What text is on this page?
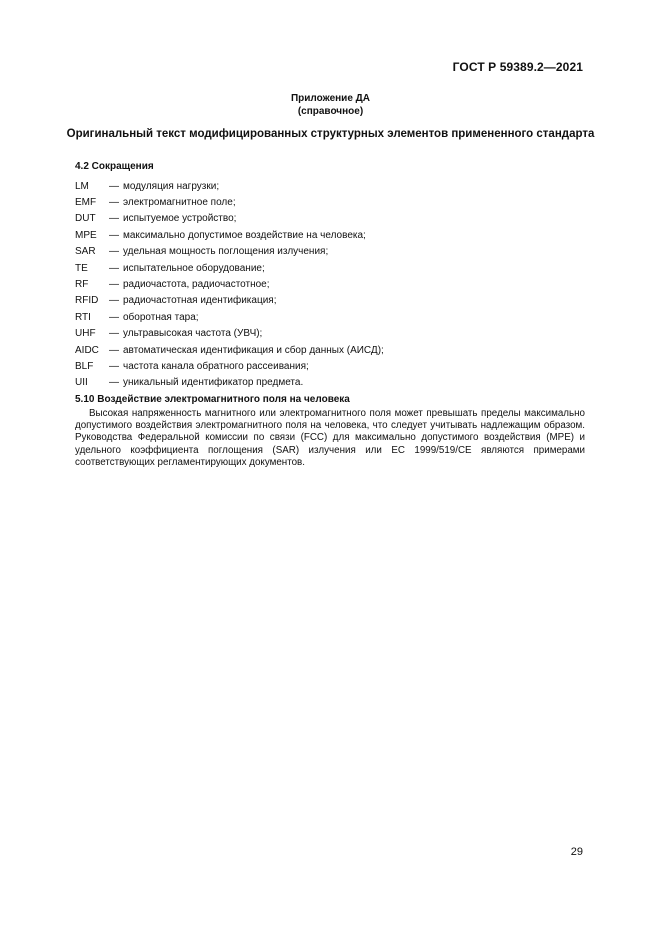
ГОСТ Р 59389.2—2021
Приложение ДА
(справочное)
Оригинальный текст модифицированных структурных элементов примененного стандарта
4.2 Сокращения
LM	— модуляция нагрузки;
EMF	— электромагнитное поле;
DUT	— испытуемое устройство;
MPE	— максимально допустимое воздействие на человека;
SAR	— удельная мощность поглощения излучения;
TE	— испытательное оборудование;
RF	— радиочастота, радиочастотное;
RFID	— радиочастотная идентификация;
RTI	— оборотная тара;
UHF	— ультравысокая частота (УВЧ);
AIDC	— автоматическая идентификация и сбор данных (АИСД);
BLF	— частота канала обратного рассеивания;
UII	— уникальный идентификатор предмета.
5.10 Воздействие электромагнитного поля на человека
Высокая напряженность магнитного или электромагнитного поля может превышать пределы максимально допустимого воздействия электромагнитного поля на человека, что следует учитывать надлежащим образом. Руководства Федеральной комиссии по связи (FCC) для максимально допустимого воздействия (MPE) и удельного коэффициента поглощения (SAR) излучения или ЕС 1999/519/СЕ являются примерами соответствующих регламентирующих документов.
29
